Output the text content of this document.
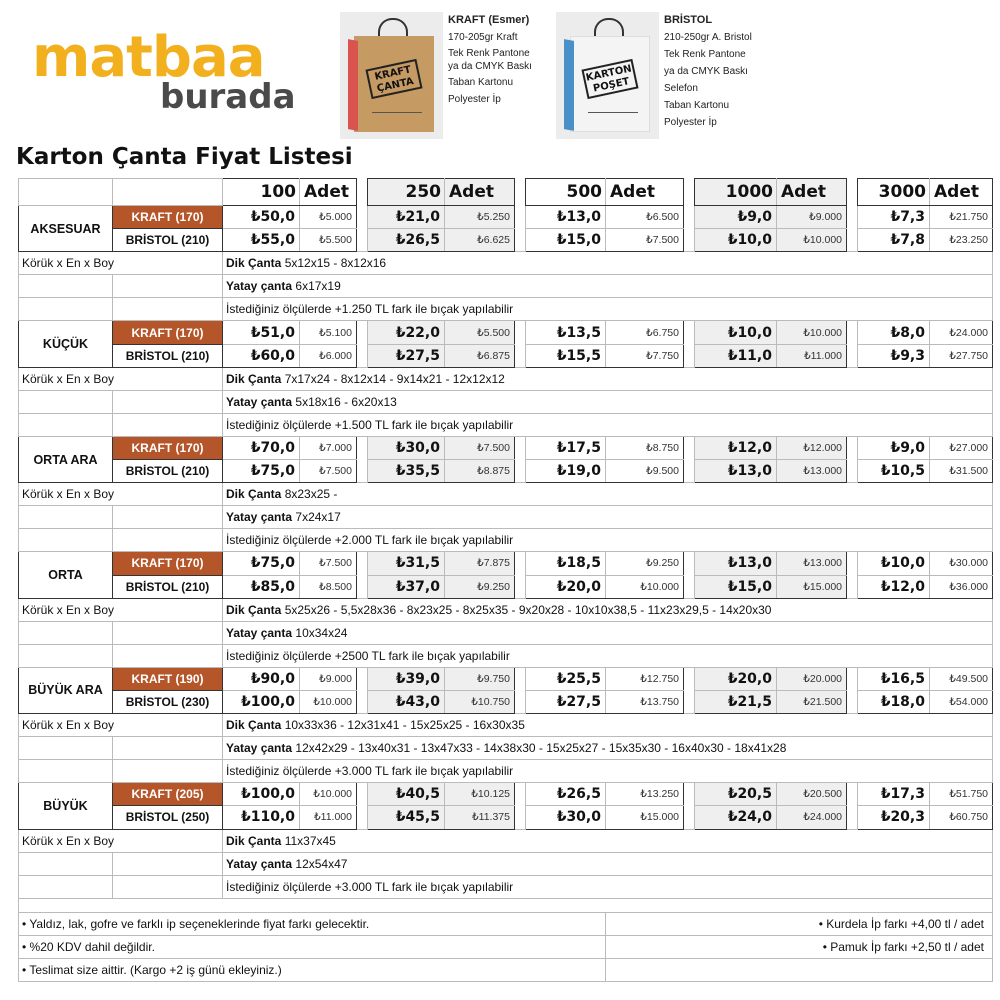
matbaa
burada
KRAFT ÇANTA
KRAFT (Esmer)
170-205gr Kraft
Tek Renk Pantone
ya da CMYK Baskı
Taban Kartonu
Polyester İp
KARTON POŞET
BRİSTOL
210-250gr A. Bristol
Tek Renk Pantone
ya da CMYK Baskı
Selefon
Taban Kartonu
Polyester İp
Karton Çanta Fiyat Listesi
		100	Adet		250	Adet		500	Adet		1000	Adet		3000	Adet
AKSESUAR	KRAFT (170)	₺50,0	₺5.000		₺21,0	₺5.250		₺13,0	₺6.500		₺9,0	₺9.000		₺7,3	₺21.750
	BRİSTOL (210)	₺55,0	₺5.500		₺26,5	₺6.625		₺15,0	₺7.500		₺10,0	₺10.000		₺7,8	₺23.250
Körük x En x Boy		Dik Çanta 5x12x15 - 8x12x16													
		Yatay çanta 6x17x19													
		İstediğiniz ölçülerde +1.250 TL fark ile bıçak yapılabilir													
KÜÇÜK	KRAFT (170)	₺51,0	₺5.100		₺22,0	₺5.500		₺13,5	₺6.750		₺10,0	₺10.000		₺8,0	₺24.000
	BRİSTOL (210)	₺60,0	₺6.000		₺27,5	₺6.875		₺15,5	₺7.750		₺11,0	₺11.000		₺9,3	₺27.750
Körük x En x Boy		Dik Çanta 7x17x24 - 8x12x14 - 9x14x21 - 12x12x12													
		Yatay çanta 5x18x16 - 6x20x13													
		İstediğiniz ölçülerde +1.500 TL fark ile bıçak yapılabilir													
ORTA ARA	KRAFT (170)	₺70,0	₺7.000		₺30,0	₺7.500		₺17,5	₺8.750		₺12,0	₺12.000		₺9,0	₺27.000
	BRİSTOL (210)	₺75,0	₺7.500		₺35,5	₺8.875		₺19,0	₺9.500		₺13,0	₺13.000		₺10,5	₺31.500
Körük x En x Boy		Dik Çanta 8x23x25 -													
		Yatay çanta 7x24x17													
		İstediğiniz ölçülerde +2.000 TL fark ile bıçak yapılabilir													
ORTA	KRAFT (170)	₺75,0	₺7.500		₺31,5	₺7.875		₺18,5	₺9.250		₺13,0	₺13.000		₺10,0	₺30.000
	BRİSTOL (210)	₺85,0	₺8.500		₺37,0	₺9.250		₺20,0	₺10.000		₺15,0	₺15.000		₺12,0	₺36.000
Körük x En x Boy		Dik Çanta 5x25x26 - 5,5x28x36 - 8x23x25 - 8x25x35 - 9x20x28 - 10x10x38,5 - 11x23x29,5 - 14x20x30													
		Yatay çanta 10x34x24													
		İstediğiniz ölçülerde +2500 TL fark ile bıçak yapılabilir													
BÜYÜK ARA	KRAFT (190)	₺90,0	₺9.000		₺39,0	₺9.750		₺25,5	₺12.750		₺20,0	₺20.000		₺16,5	₺49.500
	BRİSTOL (230)	₺100,0	₺10.000		₺43,0	₺10.750		₺27,5	₺13.750		₺21,5	₺21.500		₺18,0	₺54.000
Körük x En x Boy		Dik Çanta 10x33x36 - 12x31x41 - 15x25x25 - 16x30x35													
		Yatay çanta 12x42x29 - 13x40x31 - 13x47x33 - 14x38x30 - 15x25x27 - 15x35x30 - 16x40x30 - 18x41x28													
		İstediğiniz ölçülerde +3.000 TL fark ile bıçak yapılabilir													
BÜYÜK	KRAFT (205)	₺100,0	₺10.000		₺40,5	₺10.125		₺26,5	₺13.250		₺20,5	₺20.500		₺17,3	₺51.750
	BRİSTOL (250)	₺110,0	₺11.000		₺45,5	₺11.375		₺30,0	₺15.000		₺24,0	₺24.000		₺20,3	₺60.750
Körük x En x Boy		Dik Çanta 11x37x45													
		Yatay çanta 12x54x47													
		İstediğiniz ölçülerde +3.000 TL fark ile bıçak yapılabilir													

• Yaldız, lak, gofre ve farklı ip seçeneklerinde fiyat farkı gelecektir.									• Kurdela İp farkı +4,00 tl / adet						
• %20 KDV dahil değildir.									• Pamuk İp farkı +2,50 tl / adet						
• Teslimat size aittir. (Kargo +2 iş günü ekleyiniz.)															
